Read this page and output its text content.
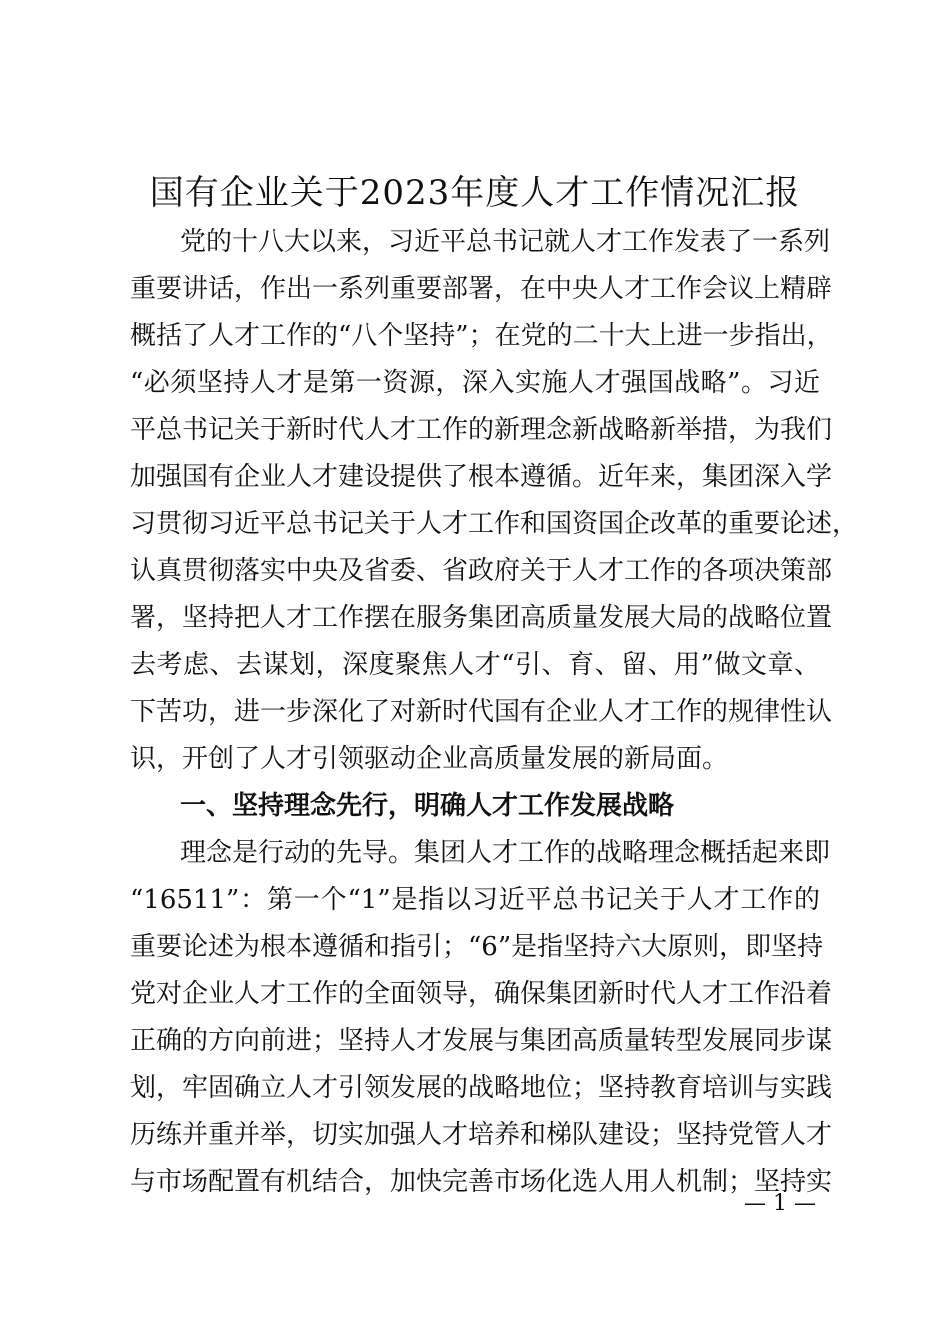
国有企业关于2023年度人才工作情况汇报
党的十八大以来，习近平总书记就人才工作发表了一系列
重要讲话，作出一系列重要部署，在中央人才工作会议上精辟
概括了人才工作的“八个坚持”；在党的二十大上进一步指出，
“必须坚持人才是第一资源，深入实施人才强国战略”。习近
平总书记关于新时代人才工作的新理念新战略新举措，为我们
加强国有企业人才建设提供了根本遵循。近年来，集团深入学
习贯彻习近平总书记关于人才工作和国资国企改革的重要论述，
认真贯彻落实中央及省委、省政府关于人才工作的各项决策部
署，坚持把人才工作摆在服务集团高质量发展大局的战略位置
去考虑、去谋划，深度聚焦人才“引、育、留、用”做文章、
下苦功，进一步深化了对新时代国有企业人才工作的规律性认
识，开创了人才引领驱动企业高质量发展的新局面。
一、坚持理念先行，明确人才工作发展战略
理念是行动的先导。集团人才工作的战略理念概括起来即
“16511”：第一个“1”是指以习近平总书记关于人才工作的
重要论述为根本遵循和指引；“6”是指坚持六大原则，即坚持
党对企业人才工作的全面领导，确保集团新时代人才工作沿着
正确的方向前进；坚持人才发展与集团高质量转型发展同步谋
划，牢固确立人才引领发展的战略地位；坚持教育培训与实践
历练并重并举，切实加强人才培养和梯队建设；坚持党管人才
与市场配置有机结合，加快完善市场化选人用人机制；坚持实
— 1 —
